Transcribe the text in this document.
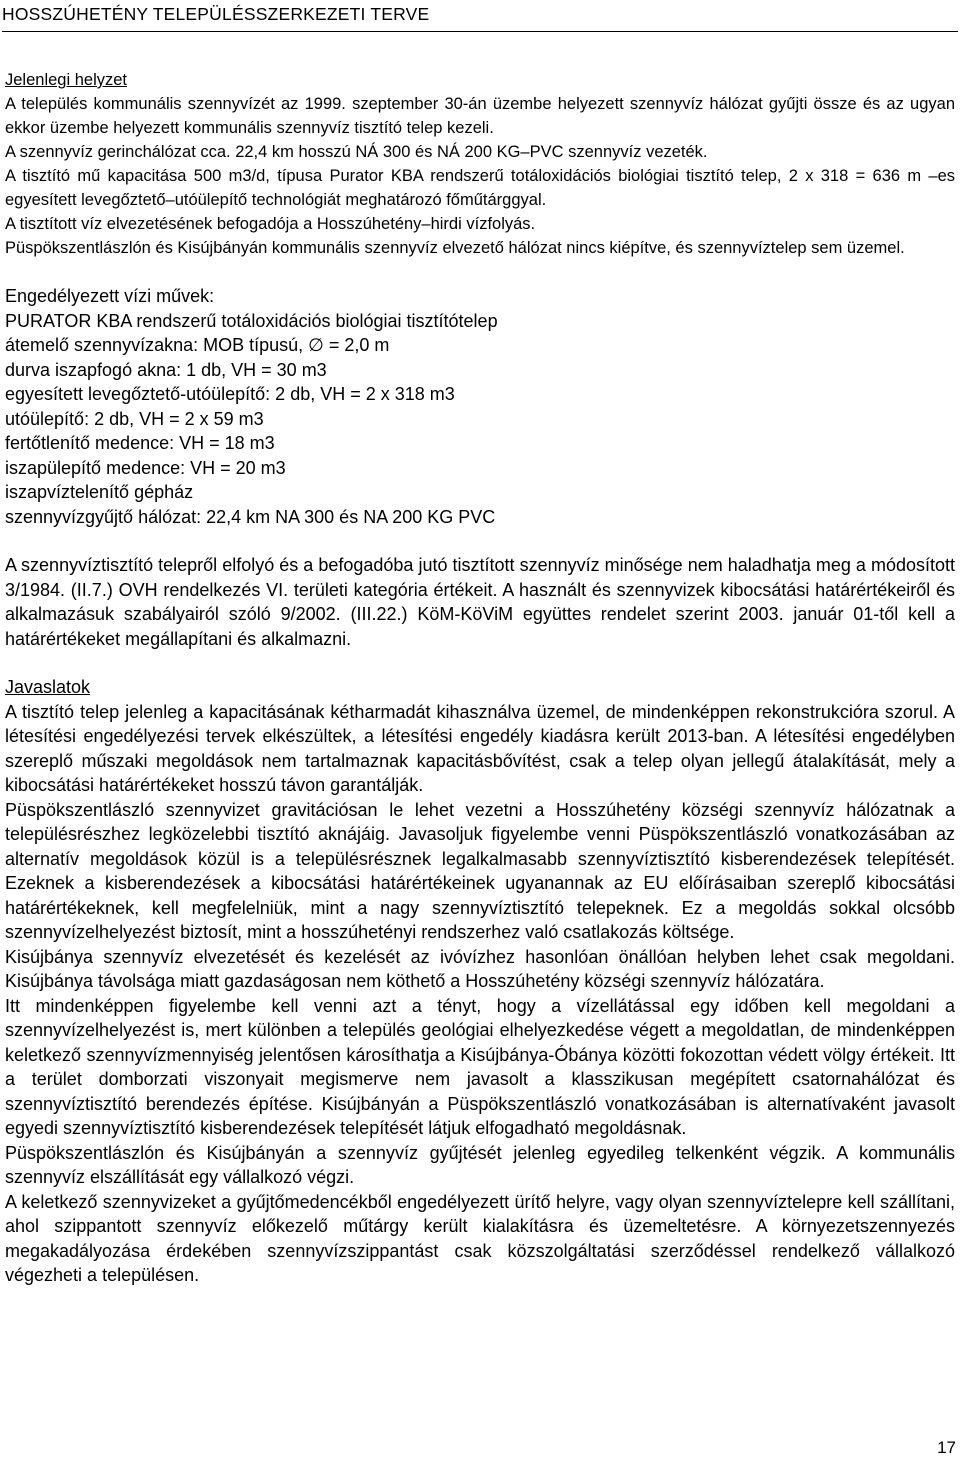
HOSSZÚHETÉNY TELEPÜLÉSSZERKEZETI TERVE

Jelenlegi helyzet

A település kommunális szennyvízét az 1999. szeptember 30-án üzembe helyezett szennyvíz hálózat gyűjti össze és az ugyan ekkor üzembe helyezett kommunális szennyvíz tisztító telep kezeli.

A szennyvíz gerinchálózat cca. 22,4 km hosszú NÁ 300 és NÁ 200 KG–PVC szennyvíz vezeték.

A tisztító mű kapacitása 500 m3/d, típusa Purator KBA rendszerű totáloxidációs biológiai tisztító telep, 2 x 318 = 636 m –es egyesített levegőztető–utóülepítő technológiát meghatározó főműtárggyal.

A tisztított víz elvezetésének befogadója a Hosszúhetény–hirdi vízfolyás.

Püspökszentlászlón és Kisújbányán kommunális szennyvíz elvezető hálózat nincs kiépítve, és szennyvíztelep sem üzemel.

Engedélyezett vízi művek:
PURATOR KBA rendszerű totáloxidációs biológiai tisztítótelep
átemelő szennyvízakna: MOB típusú, ∅ = 2,0 m
durva iszapfogó akna: 1 db, VH = 30 m3
egyesített levegőztető-utóülepítő: 2 db, VH = 2 x 318 m3
utóülepítő: 2 db, VH = 2 x 59 m3
fertőtlenítő medence: VH = 18 m3
iszapülepítő medence: VH = 20 m3
iszapvíztelenítő gépház
szennyvízgyűjtő hálózat: 22,4 km NA 300 és NA 200 KG PVC

A szennyvíztisztító telepről elfolyó és a befogadóba jutó tisztított szennyvíz minősége nem haladhatja meg a módosított 3/1984. (II.7.) OVH rendelkezés VI. területi kategória értékeit. A használt és szennyvizek kibocsátási határértékeiről és alkalmazásuk szabályairól szóló 9/2002. (III.22.) KöM-KöViM együttes rendelet szerint 2003. január 01-től kell a határértékeket megállapítani és alkalmazni.

Javaslatok

A tisztító telep jelenleg a kapacitásának kétharmadát kihasználva üzemel, de mindenképpen rekonstrukcióra szorul. A létesítési engedélyezési tervek elkészültek, a létesítési engedély kiadásra került 2013-ban. A létesítési engedélyben szereplő műszaki megoldások nem tartalmaznak kapacitásbővítést, csak a telep olyan jellegű átalakítását, mely a kibocsátási határértékeket hosszú távon garantálják.

Püspökszentlászló szennyvizet gravitációsan le lehet vezetni a Hosszúhetény községi szennyvíz hálózatnak a településrészhez legközelebbi tisztító aknájáig. Javasoljuk figyelembe venni Püspökszentlászló vonatkozásában az alternatív megoldások közül is a településrésznek legalkalmasabb szennyvíztisztító kisberendezések telepítését. Ezeknek a kisberendezések a kibocsátási határértékeinek ugyanannak az EU előírásaiban szereplő kibocsátási határértékeknek, kell megfelelniük, mint a nagy szennyvíztisztító telepeknek. Ez a megoldás sokkal olcsóbb szennyvízelhelyezést biztosít, mint a hosszúhetényi rendszerhez való csatlakozás költsége.

Kisújbánya szennyvíz elvezetését és kezelését az ivóvízhez hasonlóan önállóan helyben lehet csak megoldani. Kisújbánya távolsága miatt gazdaságosan nem köthető a Hosszúhetény községi szennyvíz hálózatára.

Itt mindenképpen figyelembe kell venni azt a tényt, hogy a vízellátással egy időben kell megoldani a szennyvízelhelyezést is, mert különben a település geológiai elhelyezkedése végett a megoldatlan, de mindenképpen keletkező szennyvízmennyiség jelentősen károsíthatja a Kisújbánya-Óbánya közötti fokozottan védett völgy értékeit. Itt a terület domborzati viszonyait megismerve nem javasolt a klasszikusan megépített csatornahálózat és szennyvíztisztító berendezés építése. Kisújbányán a Püspökszentlászló vonatkozásában is alternatívaként javasolt egyedi szennyvíztisztító kisberendezések telepítését látjuk elfogadható megoldásnak.

Püspökszentlászlón és Kisújbányán a szennyvíz gyűjtését jelenleg egyedileg telkenként végzik. A kommunális szennyvíz elszállítását egy vállalkozó végzi.

A keletkező szennyvizeket a gyűjtőmedencékből engedélyezett ürítő helyre, vagy olyan szennyvíztelepre kell szállítani, ahol szippantott szennyvíz előkezelő műtárgy került kialakításra és üzemeltetésre. A környezetszennyezés megakadályozása érdekében szennyvízszippantást csak közszolgáltatási szerződéssel rendelkező vállalkozó végezheti a településen.

17
